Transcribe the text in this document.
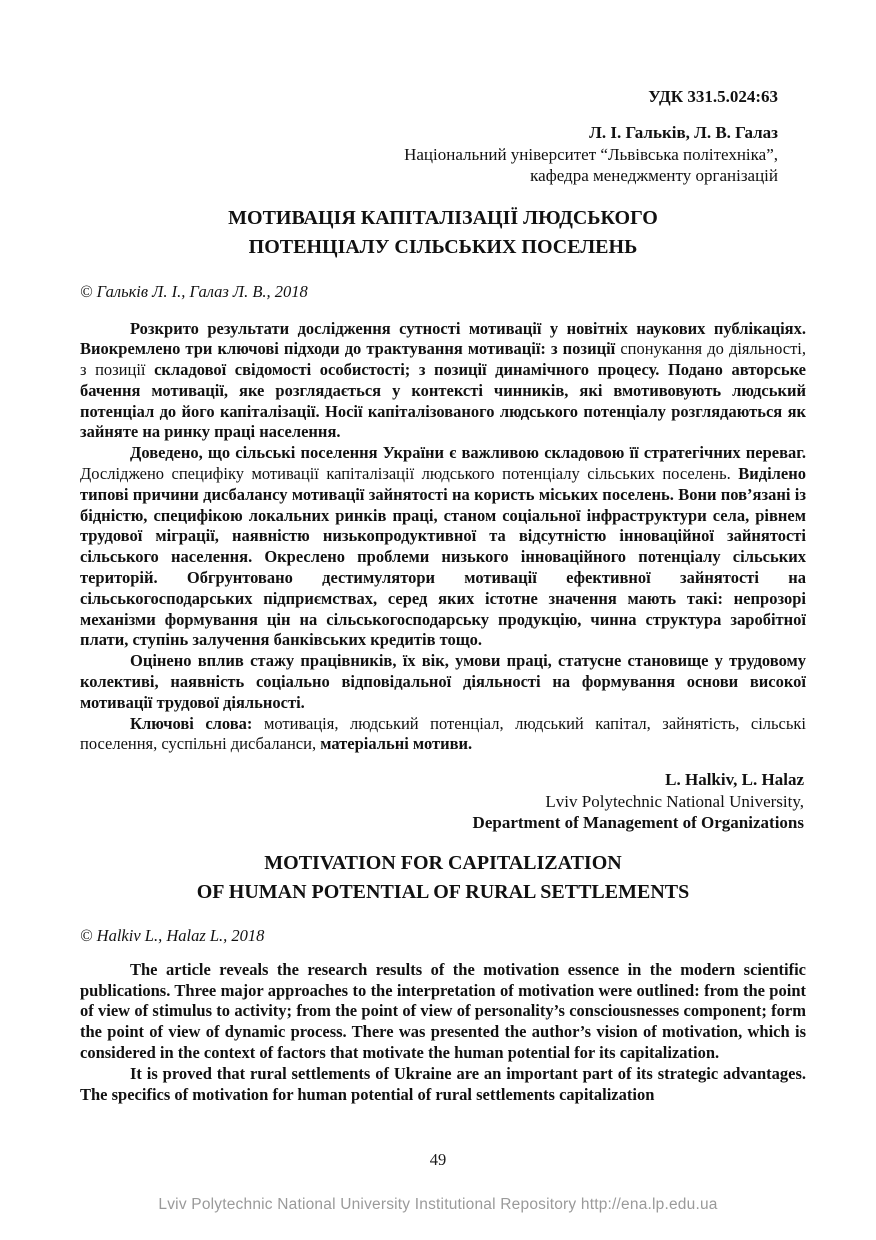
УДК 331.5.024:63
Л. І. Гальків, Л. В. Галаз
Національний університет “Львівська політехніка”,
кафедра менеджменту організацій
МОТИВАЦІЯ КАПІТАЛІЗАЦІЇ ЛЮДСЬКОГО
ПОТЕНЦІАЛУ СІЛЬСЬКИХ ПОСЕЛЕНЬ
© Гальків Л. І., Галаз Л. В., 2018

Розкрито результати дослідження сутності мотивації у новітніх наукових публікаціях. Виокремлено три ключові підходи до трактування мотивації: з позиції спонукання до діяльності, з позиції складової свідомості особистості; з позиції динамічного процесу. Подано авторське бачення мотивації, яке розглядається у контексті чинників, які вмотивовують людський потенціал до його капіталізації. Носії капіталізованого людського потенціалу розглядаються як зайняте на ринку праці населення.

Доведено, що сільські поселення України є важливою складовою її стратегічних переваг. Досліджено специфіку мотивації капіталізації людського потенціалу сільських поселень. Виділено типові причини дисбалансу мотивації зайнятості на користь міських поселень. Вони пов’язані із бідністю, специфікою локальних ринків праці, станом соціальної інфраструктури села, рівнем трудової міграції, наявністю низькопродуктивної та відсутністю інноваційної зайнятості сільського населення. Окреслено проблеми низького інноваційного потенціалу сільських територій. Обгрунтовано дестимулятори мотивації ефективної зайнятості на сільськогосподарських підприємствах, серед яких істотне значення мають такі: непрозорі механізми формування цін на сільськогосподарську продукцію, чинна структура заробітної плати, ступінь залучення банківських кредитів тощо.

Оцінено вплив стажу працівників, їх вік, умови праці, статусне становище у трудовому колективі, наявність соціально відповідальної діяльності на формування основи високої мотивації трудової діяльності.

Ключові слова: мотивація, людський потенціал, людський капітал, зайнятість, сільські поселення, суспільні дисбаланси, матеріальні мотиви.

L. Halkiv, L. Halaz
Lviv Polytechnic National University,
Department of Management of Organizations
MOTIVATION FOR CAPITALIZATION
OF HUMAN POTENTIAL OF RURAL SETTLEMENTS
© Halkiv L., Halaz L., 2018

The article reveals the research results of the motivation essence in the modern scientific publications. Three major approaches to the interpretation of motivation were outlined: from the point of view of stimulus to activity; from the point of view of personality’s consciousnesses component; form the point of view of dynamic process. There was presented the author’s vision of motivation, which is considered in the context of factors that motivate the human potential for its capitalization.

It is proved that rural settlements of Ukraine are an important part of its strategic advantages. The specifics of motivation for human potential of rural settlements capitalization

49
Lviv Polytechnic National University Institutional Repository http://ena.lp.edu.ua
